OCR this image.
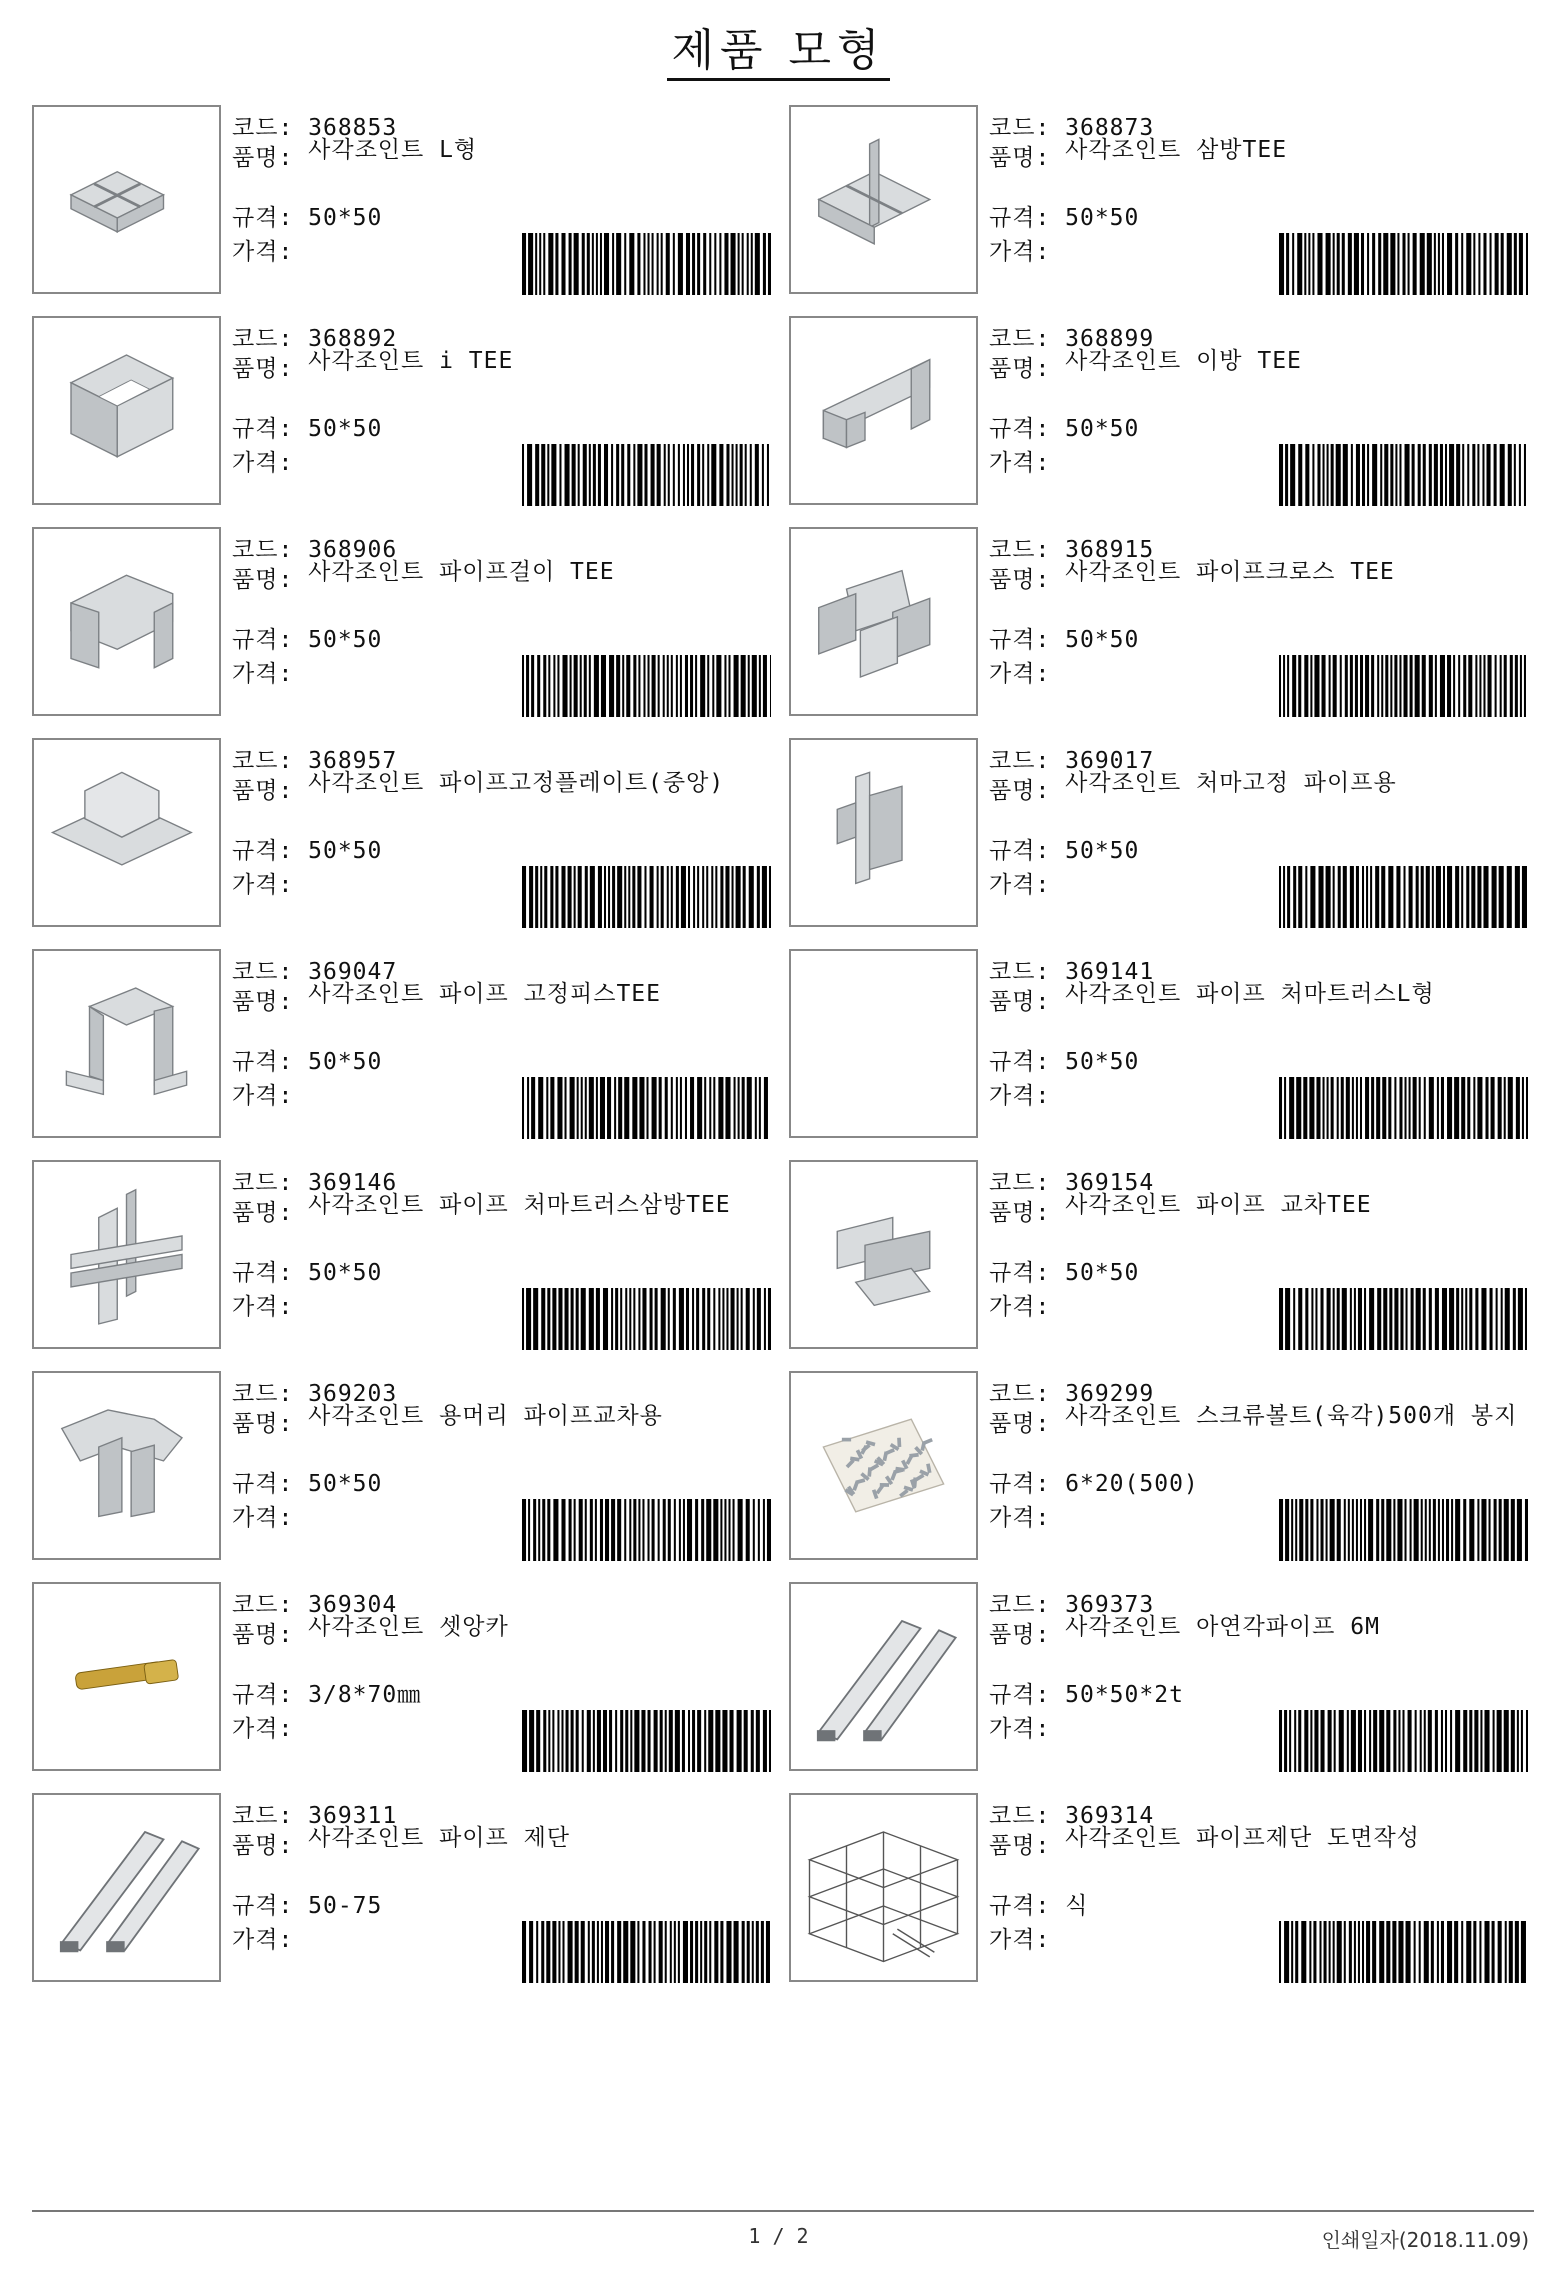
제품 모형
코드: 368853
품명: 사각조인트 L형
규격: 50*50
가격:
코드: 368873
품명: 사각조인트 삼방TEE
규격: 50*50
가격:
코드: 368892
품명: 사각조인트 i TEE
규격: 50*50
가격:
코드: 368899
품명: 사각조인트 이방 TEE
규격: 50*50
가격:
코드: 368906
품명: 사각조인트 파이프걸이 TEE
규격: 50*50
가격:
코드: 368915
품명: 사각조인트 파이프크로스 TEE
규격: 50*50
가격:
코드: 368957
품명: 사각조인트 파이프고정플레이트(중앙)
규격: 50*50
가격:
코드: 369017
품명: 사각조인트 처마고정 파이프용
규격: 50*50
가격:
코드: 369047
품명: 사각조인트 파이프 고정피스TEE
규격: 50*50
가격:
코드: 369141
품명: 사각조인트 파이프 처마트러스L형
규격: 50*50
가격:
코드: 369146
품명: 사각조인트 파이프 처마트러스삼방TEE
규격: 50*50
가격:
코드: 369154
품명: 사각조인트 파이프 교차TEE
규격: 50*50
가격:
코드: 369203
품명: 사각조인트 용머리 파이프교차용
규격: 50*50
가격:
코드: 369299
품명: 사각조인트 스크류볼트(육각)500개 봉지
규격: 6*20(500)
가격:
코드: 369304
품명: 사각조인트 셋앙카
규격: 3/8*70㎜
가격:
코드: 369373
품명: 사각조인트 아연각파이프 6M
규격: 50*50*2t
가격:
코드: 369311
품명: 사각조인트 파이프 제단
규격: 50-75
가격:
코드: 369314
품명: 사각조인트 파이프제단 도면작성
규격: 식
가격:
1 / 2	인쇄일자(2018.11.09)
